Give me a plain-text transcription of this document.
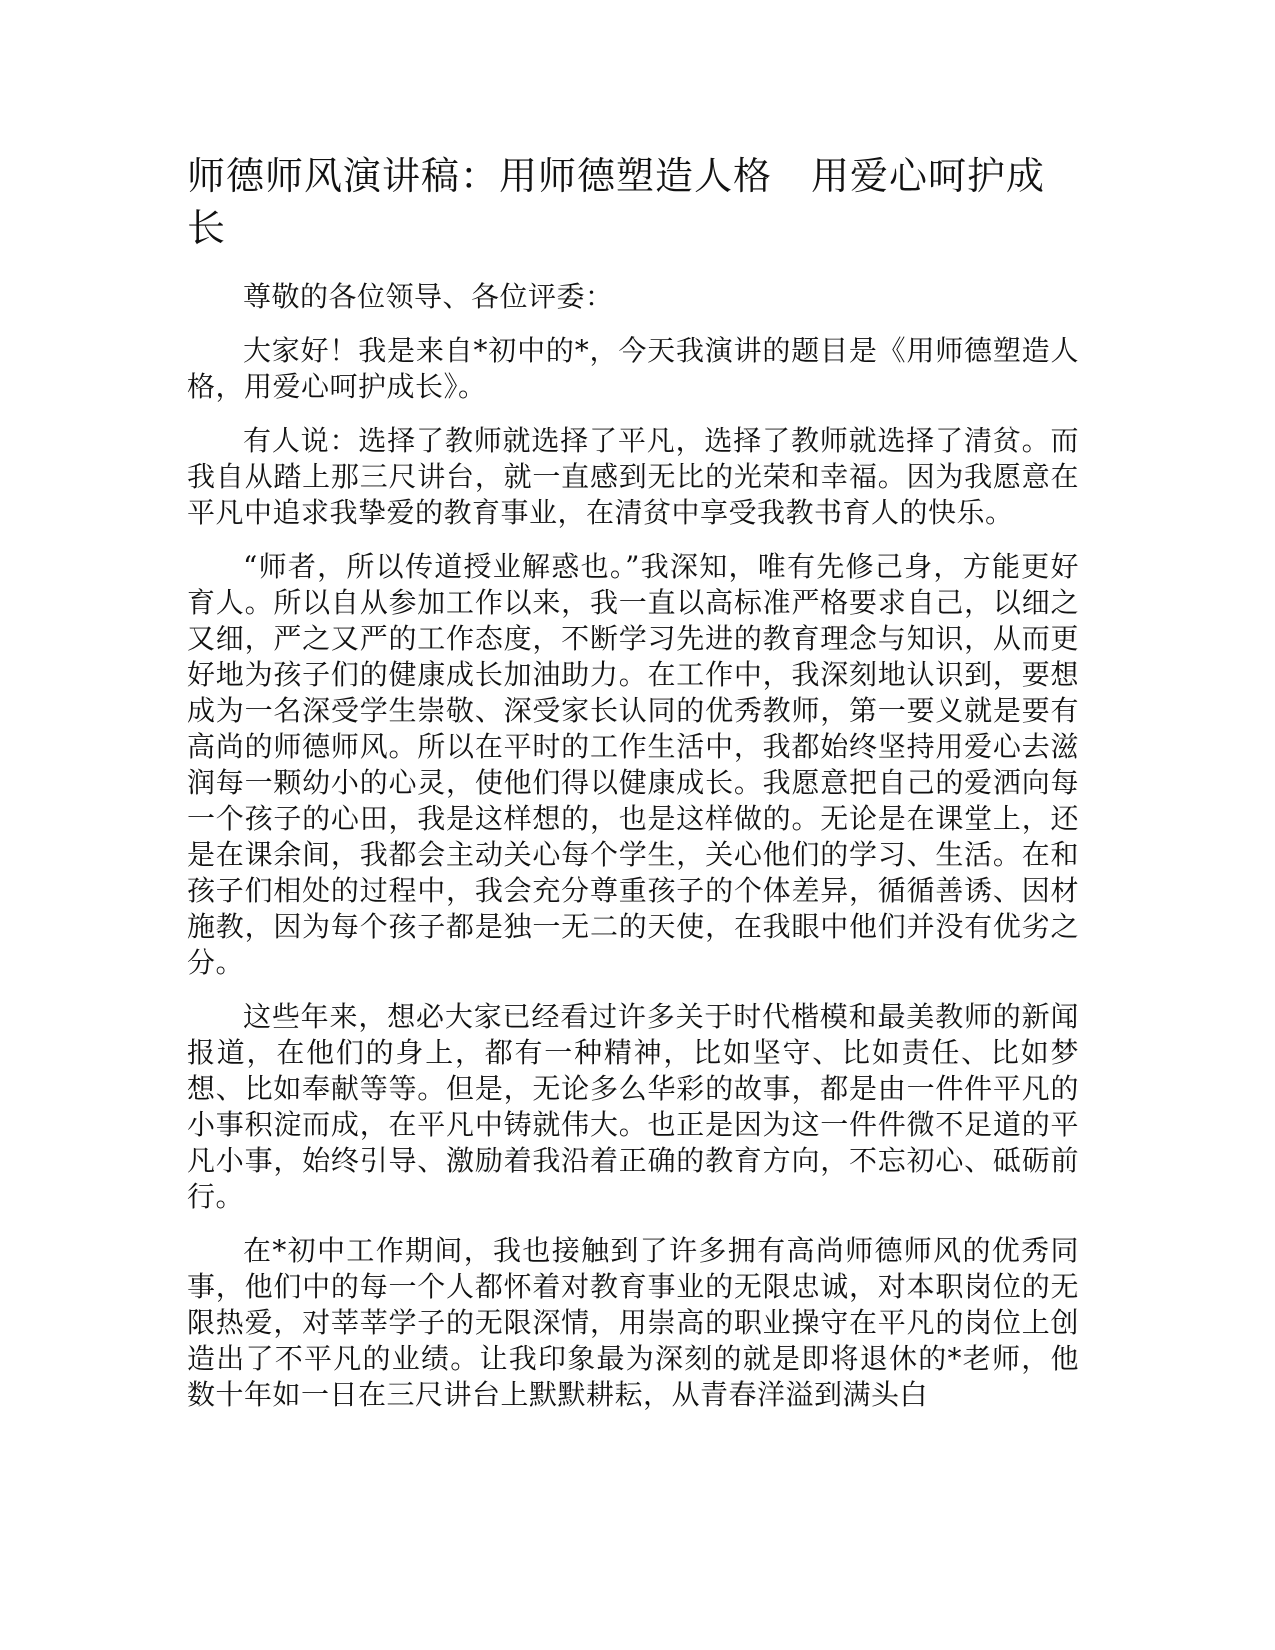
师德师风演讲稿：用师德塑造人格　用爱心呵护成长

尊敬的各位领导、各位评委：

大家好！我是来自*初中的*，今天我演讲的题目是《用师德塑造人格，用爱心呵护成长》。

有人说：选择了教师就选择了平凡，选择了教师就选择了清贫。而我自从踏上那三尺讲台，就一直感到无比的光荣和幸福。因为我愿意在平凡中追求我挚爱的教育事业，在清贫中享受我教书育人的快乐。

“师者，所以传道授业解惑也。”我深知，唯有先修己身，方能更好育人。所以自从参加工作以来，我一直以高标准严格要求自己，以细之又细，严之又严的工作态度，不断学习先进的教育理念与知识，从而更好地为孩子们的健康成长加油助力。在工作中，我深刻地认识到，要想成为一名深受学生崇敬、深受家长认同的优秀教师，第一要义就是要有高尚的师德师风。所以在平时的工作生活中，我都始终坚持用爱心去滋润每一颗幼小的心灵，使他们得以健康成长。我愿意把自己的爱洒向每一个孩子的心田，我是这样想的，也是这样做的。无论是在课堂上，还是在课余间，我都会主动关心每个学生，关心他们的学习、生活。在和孩子们相处的过程中，我会充分尊重孩子的个体差异，循循善诱、因材施教，因为每个孩子都是独一无二的天使，在我眼中他们并没有优劣之分。

这些年来，想必大家已经看过许多关于时代楷模和最美教师的新闻报道，在他们的身上，都有一种精神，比如坚守、比如责任、比如梦想、比如奉献等等。但是，无论多么华彩的故事，都是由一件件平凡的小事积淀而成，在平凡中铸就伟大。也正是因为这一件件微不足道的平凡小事，始终引导、激励着我沿着正确的教育方向，不忘初心、砥砺前行。

在*初中工作期间，我也接触到了许多拥有高尚师德师风的优秀同事，他们中的每一个人都怀着对教育事业的无限忠诚，对本职岗位的无限热爱，对莘莘学子的无限深情，用崇高的职业操守在平凡的岗位上创造出了不平凡的业绩。让我印象最为深刻的就是即将退休的*老师，他数十年如一日在三尺讲台上默默耕耘，从青春洋溢到满头白
